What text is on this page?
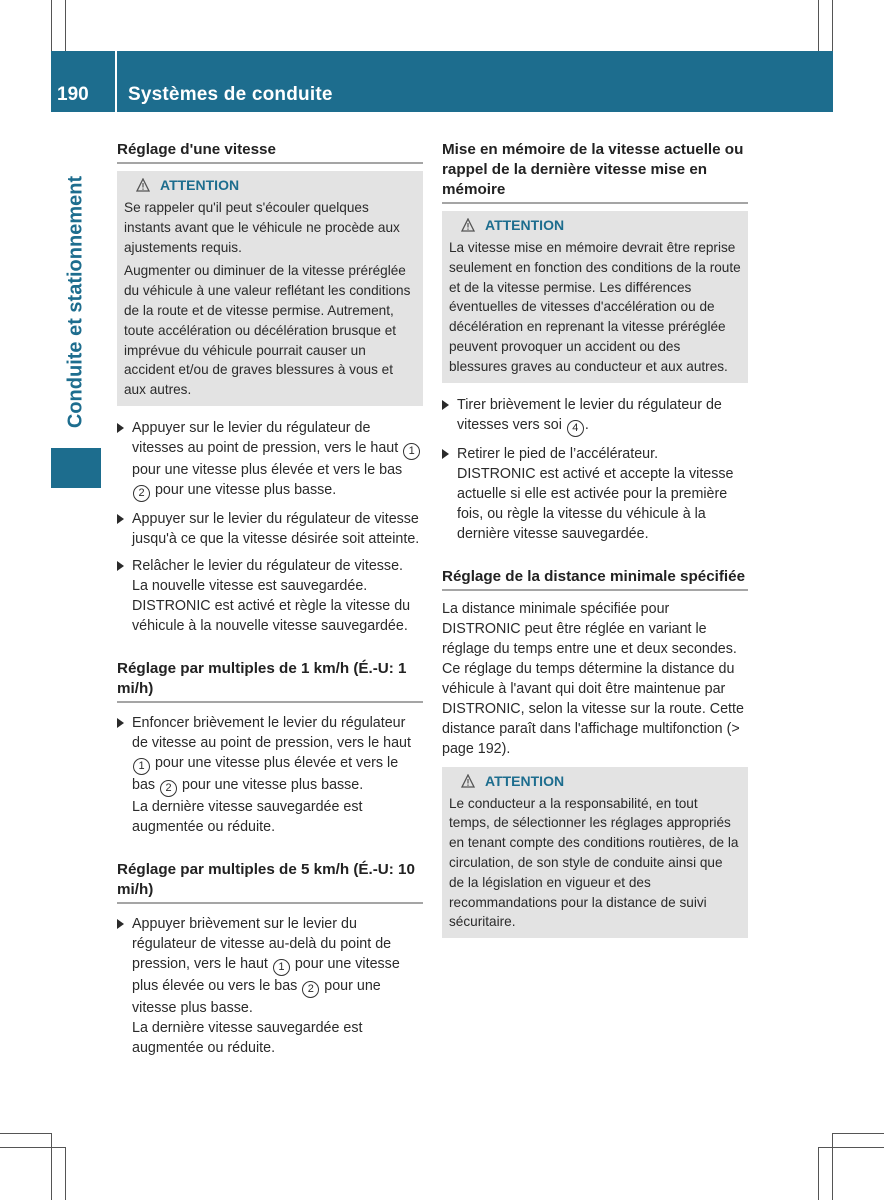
190	Systèmes de conduite
Conduite et stationnement
Réglage d'une vitesse
ATTENTION

Se rappeler qu'il peut s'écouler quelques instants avant que le véhicule ne procède aux ajustements requis.

Augmenter ou diminuer de la vitesse préréglée du véhicule à une valeur reflétant les conditions de la route et de vitesse permise. Autrement, toute accélération ou décélération brusque et imprévue du véhicule pourrait causer un accident et/ou de graves blessures à vous et aux autres.

Appuyer sur le levier du régulateur de vitesses au point de pression, vers le haut 1 pour une vitesse plus élevée et vers le bas 2 pour une vitesse plus basse.
Appuyer sur le levier du régulateur de vitesse jusqu'à ce que la vitesse désirée soit atteinte.
Relâcher le levier du régulateur de vitesse.
La nouvelle vitesse est sauvegardée. DISTRONIC est activé et règle la vitesse du véhicule à la nouvelle vitesse sauvegardée.
Réglage par multiples de 1 km/h (É.-U: 1 mi/h)
Enfoncer brièvement le levier du régulateur de vitesse au point de pression, vers le haut 1 pour une vitesse plus élevée et vers le bas 2 pour une vitesse plus basse.
La dernière vitesse sauvegardée est augmentée ou réduite.
Réglage par multiples de 5 km/h (É.-U: 10 mi/h)
Appuyer brièvement sur le levier du régulateur de vitesse au-delà du point de pression, vers le haut 1 pour une vitesse plus élevée ou vers le bas 2 pour une vitesse plus basse.
La dernière vitesse sauvegardée est augmentée ou réduite.
Mise en mémoire de la vitesse actuelle ou rappel de la dernière vitesse mise en mémoire
ATTENTION

La vitesse mise en mémoire devrait être reprise seulement en fonction des conditions de la route et de la vitesse permise. Les différences éventuelles de vitesses d'accélération ou de décélération en reprenant la vitesse préréglée peuvent provoquer un accident ou des blessures graves au conducteur et aux autres.

Tirer brièvement le levier du régulateur de vitesses vers soi 4 .
Retirer le pied de l’accélérateur.
DISTRONIC est activé et accepte la vitesse actuelle si elle est activée pour la première fois, ou règle la vitesse du véhicule à la dernière vitesse sauvegardée.
Réglage de la distance minimale spécifiée
La distance minimale spécifiée pour DISTRONIC peut être réglée en variant le réglage du temps entre une et deux secondes. Ce réglage du temps détermine la distance du véhicule à l'avant qui doit être maintenue par DISTRONIC, selon la vitesse sur la route. Cette distance paraît dans l'affichage multifonction (> page 192).
ATTENTION

Le conducteur a la responsabilité, en tout temps, de sélectionner les réglages appropriés en tenant compte des conditions routières, de la circulation, de son style de conduite ainsi que de la législation en vigueur et des recommandations pour la distance de suivi sécuritaire.
